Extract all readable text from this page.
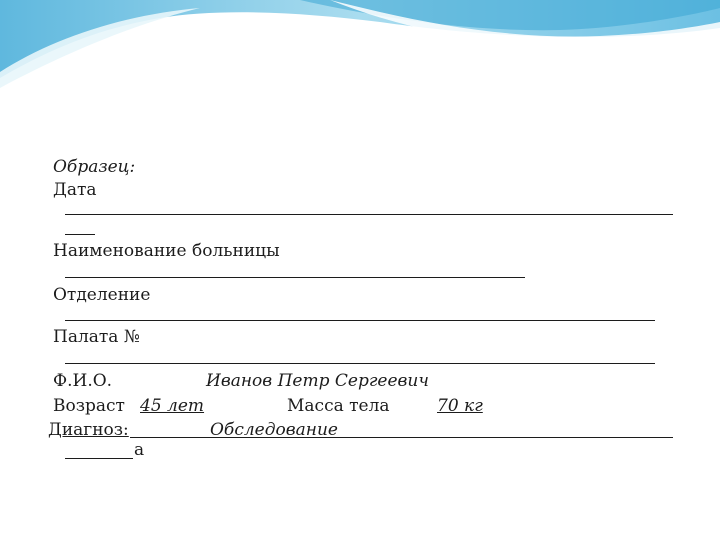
Образец:
Дата
Наименование больницы
Отделение
Палата №
Ф.И.О.	Иванов Петр Сергеевич
Возраст 45 лет	Масса тела	70 кг
Диагноз:	Обследование
а
